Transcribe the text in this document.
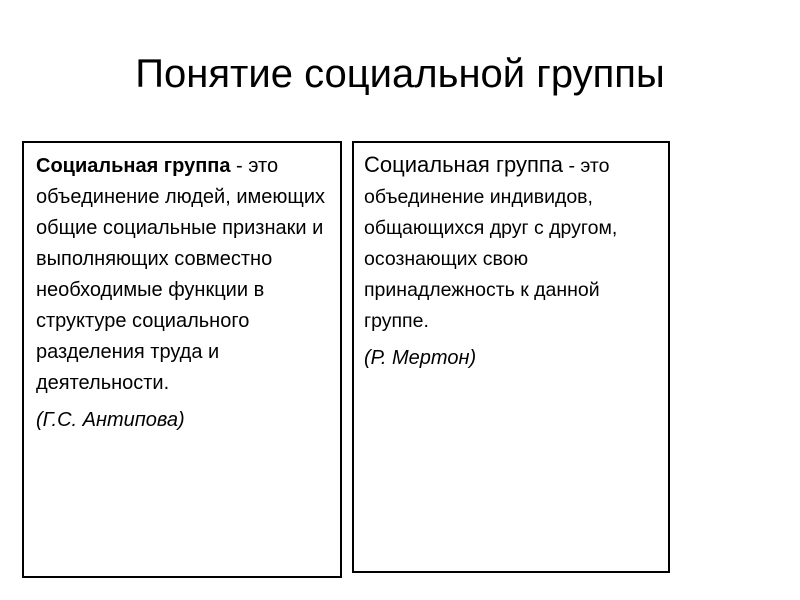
Понятие социальной группы

Социальная группа - это объединение людей, имеющих общие социальные признаки и выполняющих совместно необходимые функции в структуре социального разделения труда и деятельности.

(Г.С. Антипова)

Социальная группа - это объединение индивидов, общающихся друг с другом, осознающих свою принадлежность к данной группе.

(Р. Мертон)
